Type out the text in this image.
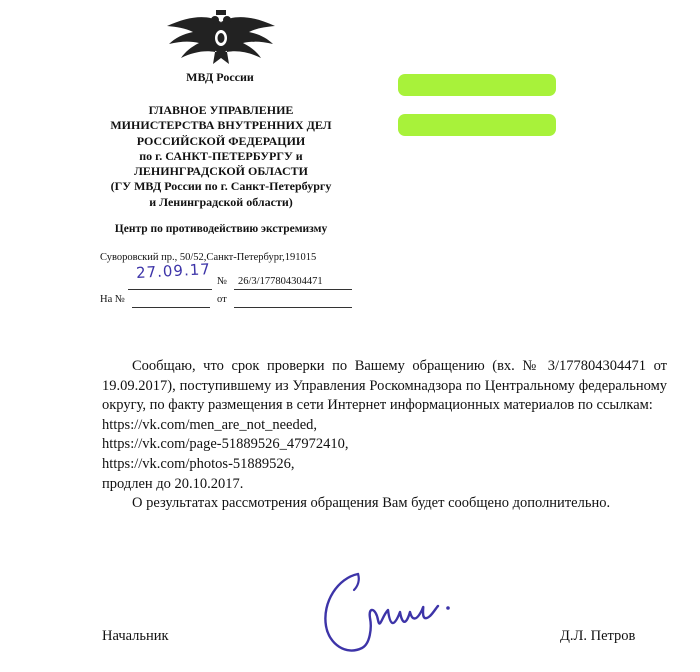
МВД России
ГЛАВНОЕ УПРАВЛЕНИЕ
МИНИСТЕРСТВА ВНУТРЕННИХ ДЕЛ
РОССИЙСКОЙ ФЕДЕРАЦИИ
по г. САНКТ-ПЕТЕРБУРГУ и
ЛЕНИНГРАДСКОЙ ОБЛАСТИ
(ГУ МВД России по г. Санкт-Петербургу
и Ленинградской области)
Центр по противодействию экстремизму
Суворовский пр., 50/52,Санкт-Петербург,191015
27.09.17 № 26/3/177804304471
На №	от

Сообщаю, что срок проверки по Вашему обращению (вх. № 3/177804304471 от 19.09.2017), поступившему из Управления Роскомнадзора по Центральному федеральному округу, по факту размещения в сети Интернет информационных материалов по ссылкам:

https://vk.com/men_are_not_needed,

https://vk.com/page-51889526_47972410,

https://vk.com/photos-51889526,

продлен до 20.10.2017.

О результатах рассмотрения обращения Вам будет сообщено дополнительно.

Начальник	Д.Л. Петров
